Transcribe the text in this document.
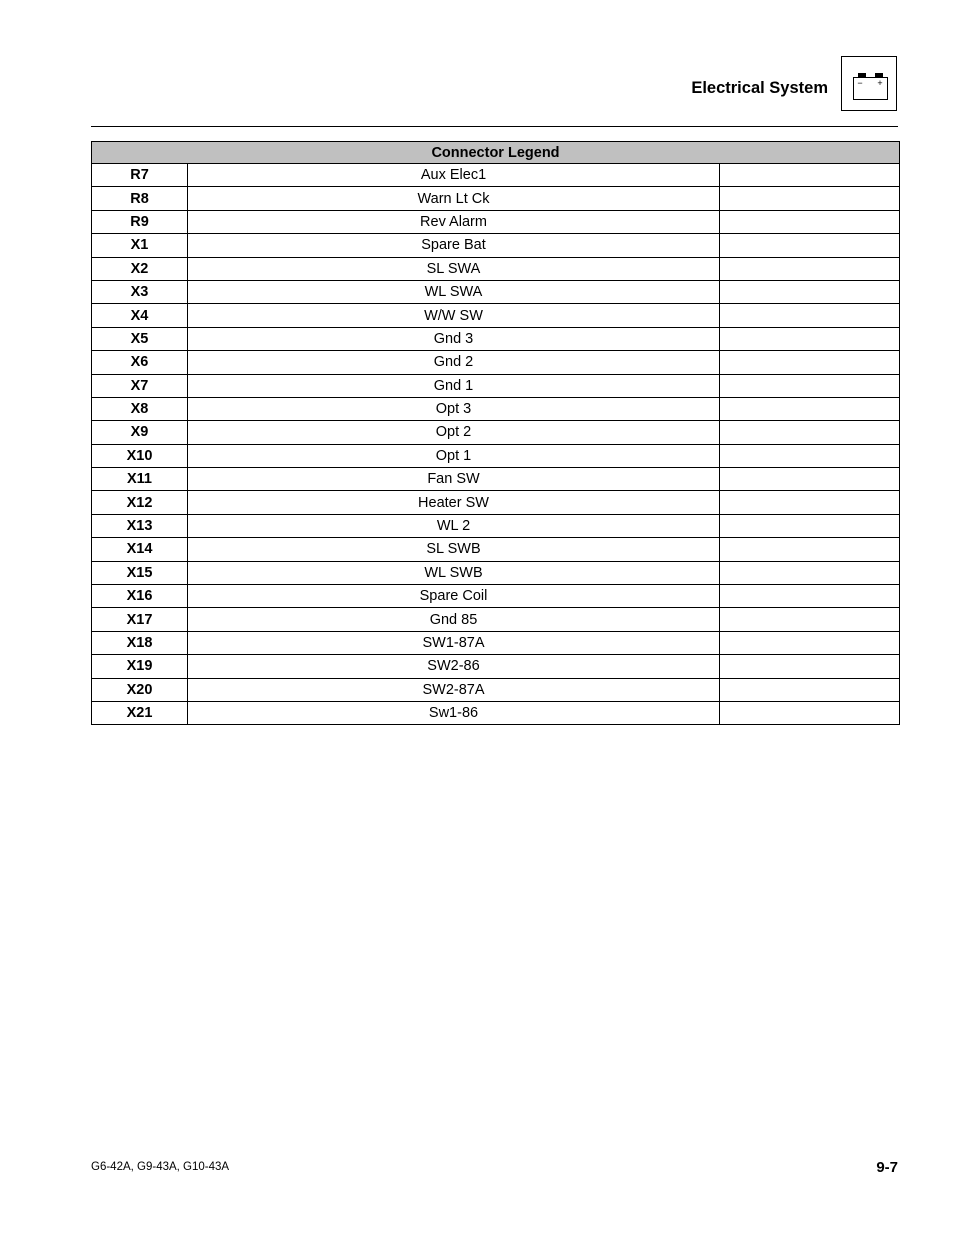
Electrical System	− +
Connector Legend		
R7	Aux Elec1	
R8	Warn Lt Ck	
R9	Rev Alarm	
X1	Spare Bat	
X2	SL SWA	
X3	WL SWA	
X4	W/W SW	
X5	Gnd 3	
X6	Gnd 2	
X7	Gnd 1	
X8	Opt 3	
X9	Opt 2	
X10	Opt 1	
X11	Fan SW	
X12	Heater SW	
X13	WL 2	
X14	SL SWB	
X15	WL SWB	
X16	Spare Coil	
X17	Gnd 85	
X18	SW1-87A	
X19	SW2-86	
X20	SW2-87A	
X21	Sw1-86	
G6-42A, G9-43A, G10-43A	9-7
